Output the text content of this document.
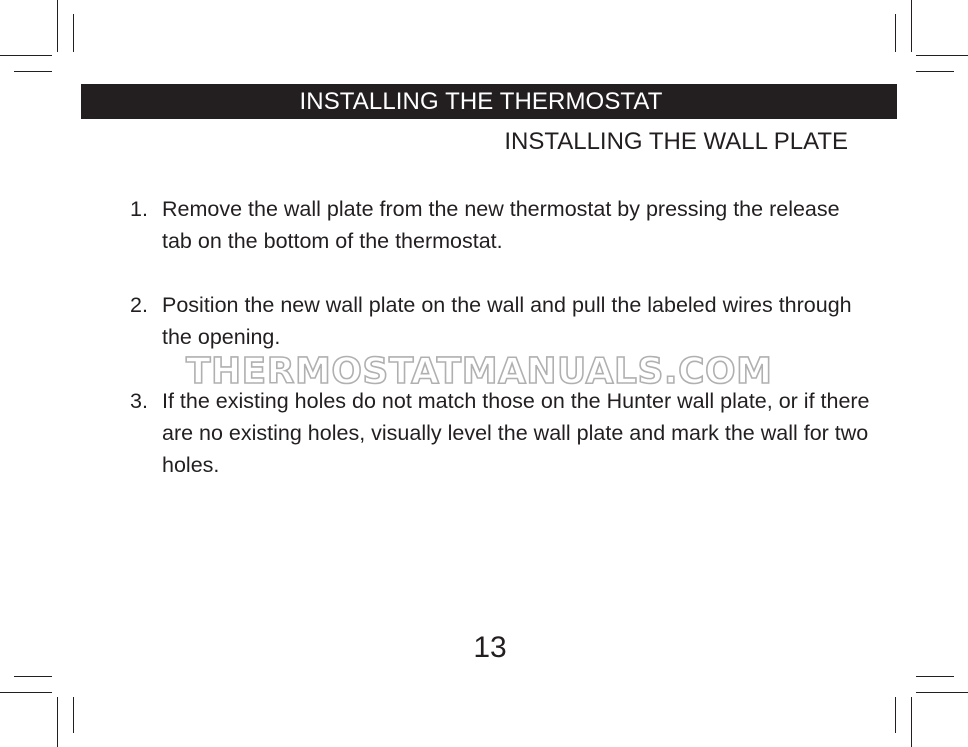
INSTALLING THE THERMOSTAT
INSTALLING THE WALL PLATE
1. Remove the wall plate from the new thermostat by pressing the release tab on the bottom of the thermostat.
2. Position the new wall plate on the wall and pull the labeled wires through the opening.
3. If the existing holes do not match those on the Hunter wall plate, or if there are no existing holes, visually level the wall plate and mark the wall for two holes.
THERMOSTATMANUALS.COM
13
